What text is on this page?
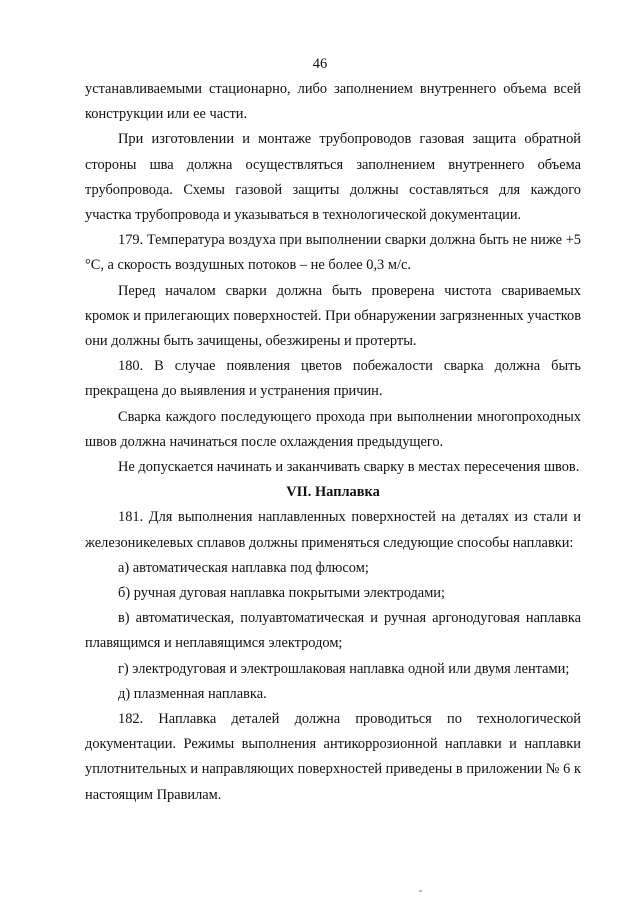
46

устанавливаемыми стационарно, либо заполнением внутреннего объема всей конструкции или ее части.

При изготовлении и монтаже трубопроводов газовая защита обратной стороны шва должна осуществляться заполнением внутреннего объема трубопровода. Схемы газовой защиты должны составляться для каждого участка трубопровода и указываться в технологической документации.

179. Температура воздуха при выполнении сварки должна быть не ниже +5 °С, а скорость воздушных потоков – не более 0,3 м/с.

Перед началом сварки должна быть проверена чистота свариваемых кромок и прилегающих поверхностей. При обнаружении загрязненных участков они должны быть зачищены, обезжирены и протерты.

180. В случае появления цветов побежалости сварка должна быть прекращена до выявления и устранения причин.

Сварка каждого последующего прохода при выполнении многопроходных швов должна начинаться после охлаждения предыдущего.

Не допускается начинать и заканчивать сварку в местах пересечения швов.

VII. Наплавка

181. Для выполнения наплавленных поверхностей на деталях из стали и железоникелевых сплавов должны применяться следующие способы наплавки:

а) автоматическая наплавка под флюсом;

б) ручная дуговая наплавка покрытыми электродами;

в) автоматическая, полуавтоматическая и ручная аргонодуговая наплавка плавящимся и неплавящимся электродом;

г) электродуговая и электрошлаковая наплавка одной или двумя лентами;

д) плазменная наплавка.

182. Наплавка деталей должна проводиться по технологической документации. Режимы выполнения антикоррозионной наплавки и наплавки уплотнительных и направляющих поверхностей приведены в приложении № 6 к настоящим Правилам.
